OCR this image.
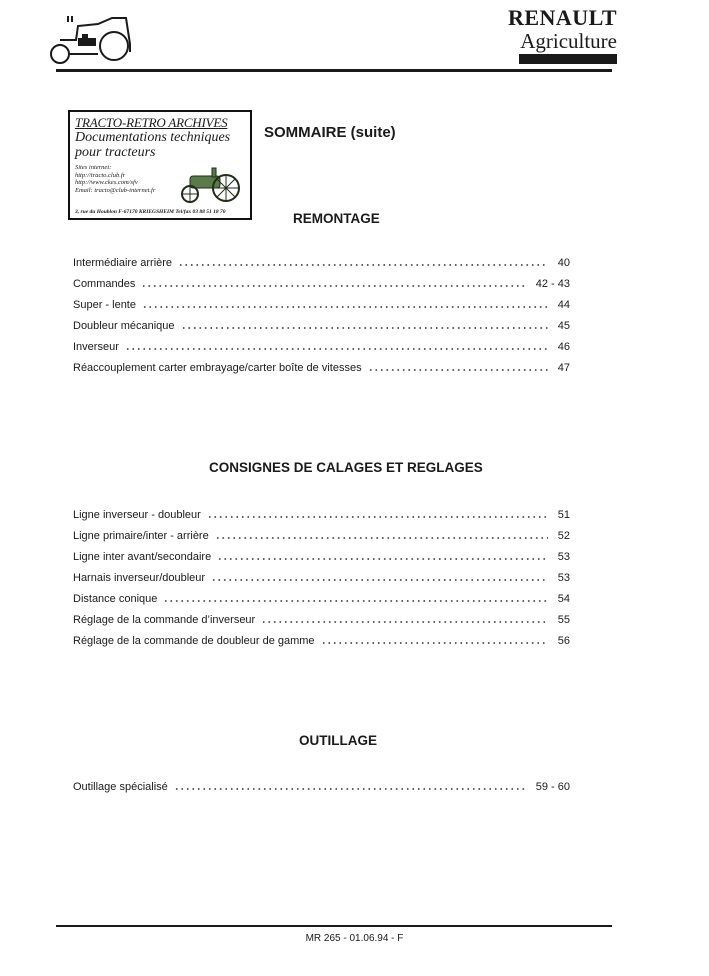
RENAULT
Agriculture
TRACTO-RETRO ARCHIVES
Documentations techniques
pour tracteurs
Sites internet:
http://tracto.club.fr
http://www.ckes.com/sfv
Email: tracto@club-internet.fr
3, rue du Houblon F-67170 KRIEGSHEIM Tel/fax 03 88 51 18 70
SOMMAIRE (suite)
REMONTAGE
Intermédiaire arrière	40
Commandes	42 - 43
Super - lente	44
Doubleur mécanique	45
Inverseur	46
Réaccouplement carter embrayage/carter boîte de vitesses	47
CONSIGNES DE CALAGES ET REGLAGES
Ligne inverseur - doubleur	51
Ligne primaire/inter - arrière	52
Ligne inter avant/secondaire	53
Harnais inverseur/doubleur	53
Distance conique	54
Réglage de la commande d’inverseur	55
Réglage de la commande de doubleur de gamme	56
OUTILLAGE
Outillage spécialisé	59 - 60
MR 265 - 01.06.94 - F
